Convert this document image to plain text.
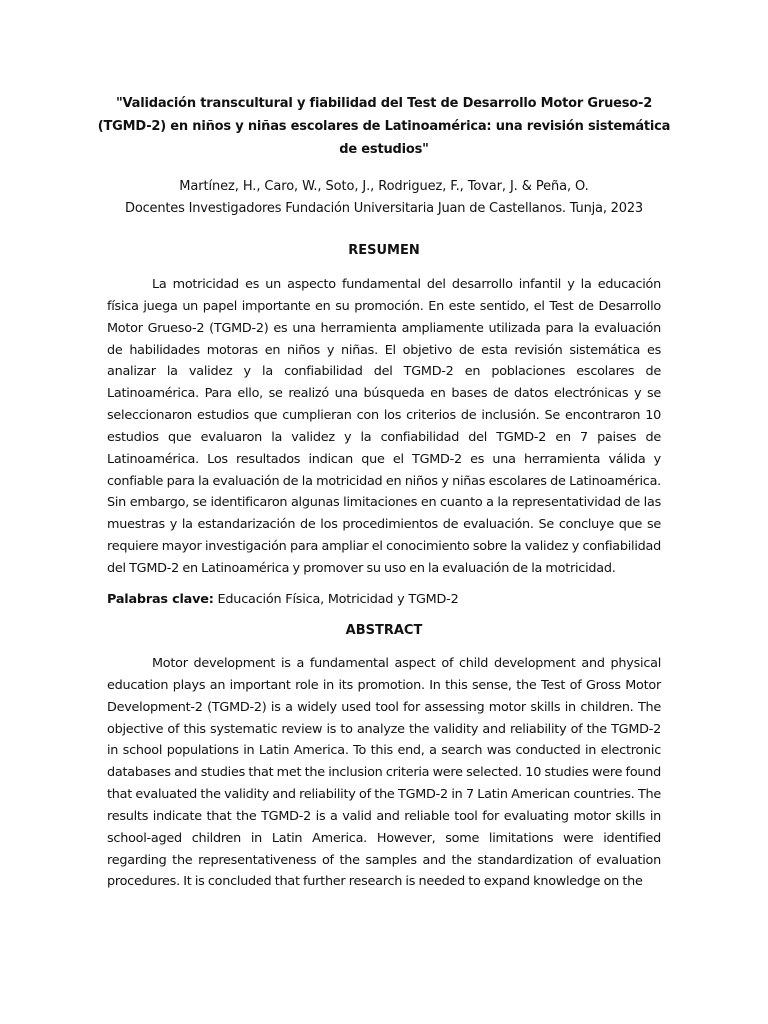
"Validación transcultural y fiabilidad del Test de Desarrollo Motor Grueso-2 (TGMD-2) en niños y niñas escolares de Latinoamérica: una revisión sistemática de estudios"
Martínez, H., Caro, W., Soto, J., Rodriguez, F., Tovar, J. & Peña, O.
Docentes Investigadores Fundación Universitaria Juan de Castellanos. Tunja, 2023
RESUMEN
La motricidad es un aspecto fundamental del desarrollo infantil y la educación física juega un papel importante en su promoción. En este sentido, el Test de Desarrollo Motor Grueso-2 (TGMD-2) es una herramienta ampliamente utilizada para la evaluación de habilidades motoras en niños y niñas. El objetivo de esta revisión sistemática es analizar la validez y la confiabilidad del TGMD-2 en poblaciones escolares de Latinoamérica. Para ello, se realizó una búsqueda en bases de datos electrónicas y se seleccionaron estudios que cumplieran con los criterios de inclusión. Se encontraron 10 estudios que evaluaron la validez y la confiabilidad del TGMD-2 en 7 paises de Latinoamérica. Los resultados indican que el TGMD-2 es una herramienta válida y confiable para la evaluación de la motricidad en niños y niñas escolares de Latinoamérica. Sin embargo, se identificaron algunas limitaciones en cuanto a la representatividad de las muestras y la estandarización de los procedimientos de evaluación. Se concluye que se requiere mayor investigación para ampliar el conocimiento sobre la validez y confiabilidad del TGMD-2 en Latinoamérica y promover su uso en la evaluación de la motricidad.
Palabras clave: Educación Física, Motricidad y TGMD-2
ABSTRACT
Motor development is a fundamental aspect of child development and physical education plays an important role in its promotion. In this sense, the Test of Gross Motor Development-2 (TGMD-2) is a widely used tool for assessing motor skills in children. The objective of this systematic review is to analyze the validity and reliability of the TGMD-2 in school populations in Latin America. To this end, a search was conducted in electronic databases and studies that met the inclusion criteria were selected. 10 studies were found that evaluated the validity and reliability of the TGMD-2 in 7 Latin American countries. The results indicate that the TGMD-2 is a valid and reliable tool for evaluating motor skills in school-aged children in Latin America. However, some limitations were identified regarding the representativeness of the samples and the standardization of evaluation procedures. It is concluded that further research is needed to expand knowledge on the
